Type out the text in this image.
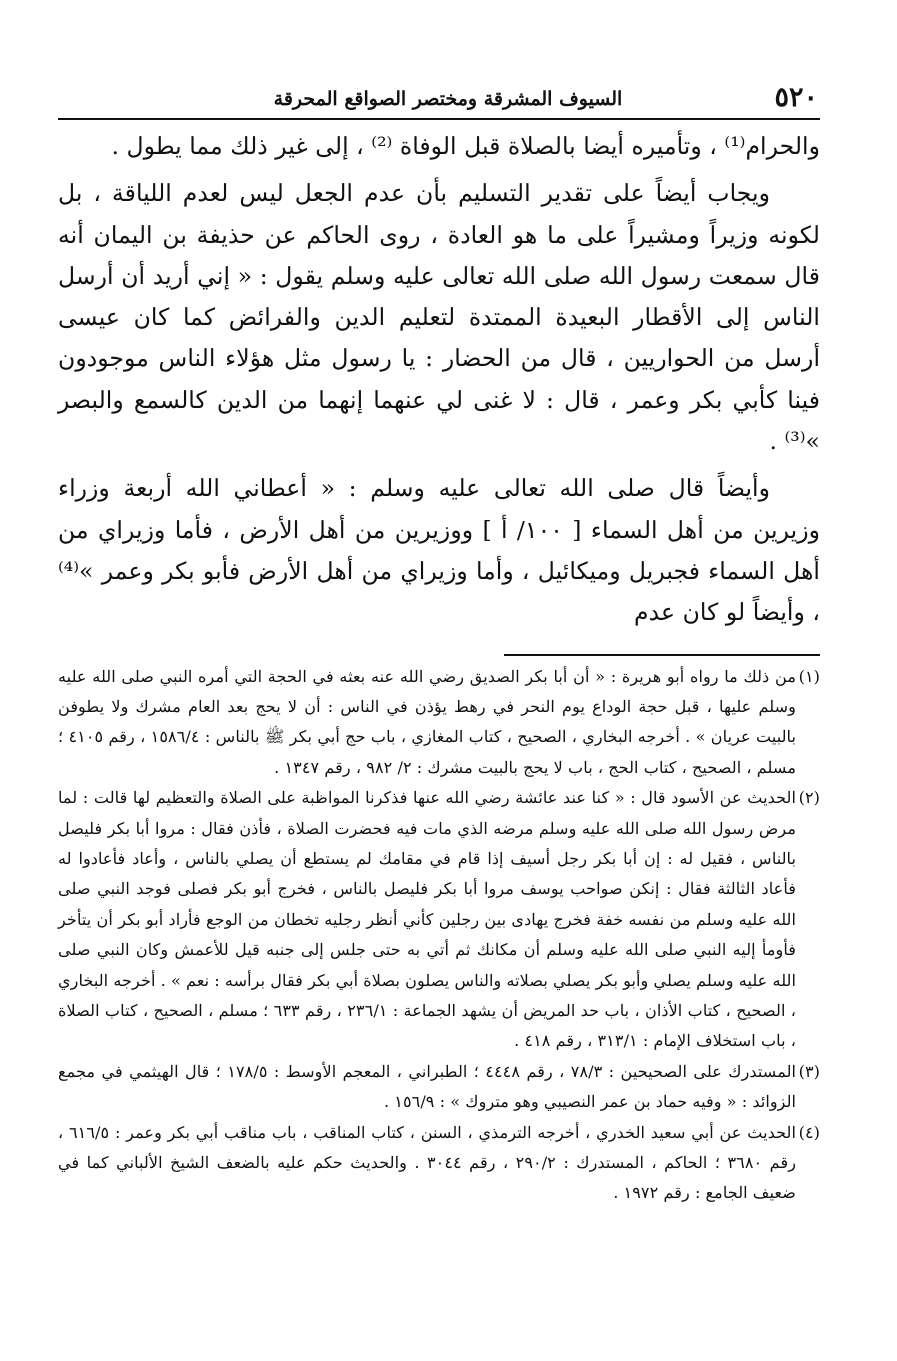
٥٢٠
السيوف المشرقة ومختصر الصواقع المحرقة

والحرام⁽¹⁾ ، وتأميره أيضا بالصلاة قبل الوفاة ⁽²⁾ ، إلى غير ذلك مما يطول .

ويجاب أيضاً على تقدير التسليم بأن عدم الجعل ليس لعدم اللياقة ، بل لكونه وزيراً ومشيراً على ما هو العادة ، روى الحاكم عن حذيفة بن اليمان أنه قال سمعت رسول الله صلى الله تعالى عليه وسلم يقول : « إني أريد أن أرسل الناس إلى الأقطار البعيدة الممتدة لتعليم الدين والفرائض كما كان عيسى أرسل من الحواريين ، قال من الحضار : يا رسول مثل هؤلاء الناس موجودون فينا كأبي بكر وعمر ، قال : لا غنى لي عنهما إنهما من الدين كالسمع والبصر »⁽³⁾ .

وأيضاً قال صلى الله تعالى عليه وسلم : « أعطاني الله أربعة وزراء وزيرين من أهل السماء [ ١٠٠/ أ ] ووزيرين من أهل الأرض ، فأما وزيراي من أهل السماء فجبريل وميكائيل ، وأما وزيراي من أهل الأرض فأبو بكر وعمر »⁽⁴⁾ ، وأيضاً لو كان عدم

(١)
من ذلك ما رواه أبو هريرة : « أن أبا بكر الصديق رضي الله عنه بعثه في الحجة التي أمره النبي صلى الله عليه وسلم عليها ، قبل حجة الوداع يوم النحر في رهط يؤذن في الناس : أن لا يحج بعد العام مشرك ولا يطوفن بالبيت عريان » . أخرجه البخاري ، الصحيح ، كتاب المغازي ، باب حج أبي بكر ﷺ بالناس : ١٥٨٦/٤ ، رقم ٤١٠٥ ؛ مسلم ، الصحيح ، كتاب الحج ، باب لا يحج بالبيت مشرك : ٢/ ٩٨٢ ، رقم ١٣٤٧ .
(٢)
الحديث عن الأسود قال : « كنا عند عائشة رضي الله عنها فذكرنا المواظبة على الصلاة والتعظيم لها قالت : لما مرض رسول الله صلى الله عليه وسلم مرضه الذي مات فيه فحضرت الصلاة ، فأذن فقال : مروا أبا بكر فليصل بالناس ، فقيل له : إن أبا بكر رجل أسيف إذا قام في مقامك لم يستطع أن يصلي بالناس ، وأعاد فأعادوا له فأعاد الثالثة فقال : إنكن صواحب يوسف مروا أبا بكر فليصل بالناس ، فخرج أبو بكر فصلى فوجد النبي صلى الله عليه وسلم من نفسه خفة فخرج يهادى بين رجلين كأني أنظر رجليه تخطان من الوجع فأراد أبو بكر أن يتأخر فأومأ إليه النبي صلى الله عليه وسلم أن مكانك ثم أتي به حتى جلس إلى جنبه قيل للأعمش وكان النبي صلى الله عليه وسلم يصلي وأبو بكر يصلي بصلاته والناس يصلون بصلاة أبي بكر فقال برأسه : نعم » . أخرجه البخاري ، الصحيح ، كتاب الأذان ، باب حد المريض أن يشهد الجماعة : ٢٣٦/١ ، رقم ٦٣٣ ؛ مسلم ، الصحيح ، كتاب الصلاة ، باب استخلاف الإمام : ٣١٣/١ ، رقم ٤١٨ .
(٣)
المستدرك على الصحيحين : ٧٨/٣ ، رقم ٤٤٤٨ ؛ الطبراني ، المعجم الأوسط : ١٧٨/٥ ؛ قال الهيثمي في مجمع الزوائد : « وفيه حماد بن عمر النصيبي وهو متروك » : ١٥٦/٩ .
(٤)
الحديث عن أبي سعيد الخدري ، أخرجه الترمذي ، السنن ، كتاب المناقب ، باب مناقب أبي بكر وعمر : ٦١٦/٥ ، رقم ٣٦٨٠ ؛ الحاكم ، المستدرك : ٢٩٠/٢ ، رقم ٣٠٤٤ . والحديث حكم عليه بالضعف الشيخ الألباني كما في ضعيف الجامع : رقم ١٩٧٢ .
